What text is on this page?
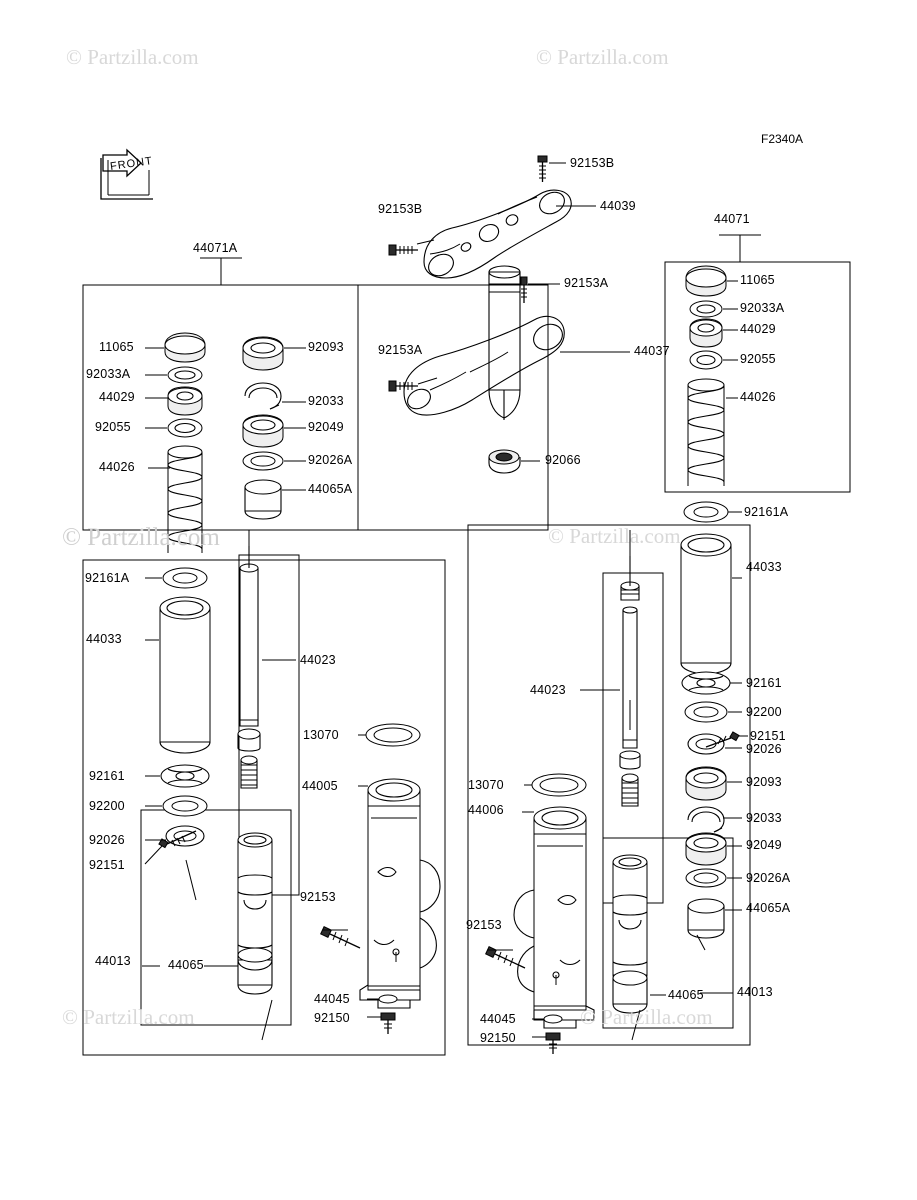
© Partzilla.com	© Partzilla.com
© Partzilla.com	© Partzilla.com
© Partzilla.com	© Partzilla.com
F2340A
FRONT
44071A
44071
92153B
92153B	44039
92153A
92153A	44037
92066
11065
92033A
44029
92055
44026
92093
92033
92049
92026A
44065A
11065
92033A
44029
92055
44026
92161A
44033
92161
92200
92026
92151
92161A
44033
92161
92200
92151
92026
92093
92033
92049
92026A
44065A
44023
13070
44005
92153
44045
92150
44013	44065
44023
13070
44006
92153
44045
92150
44013
44065
